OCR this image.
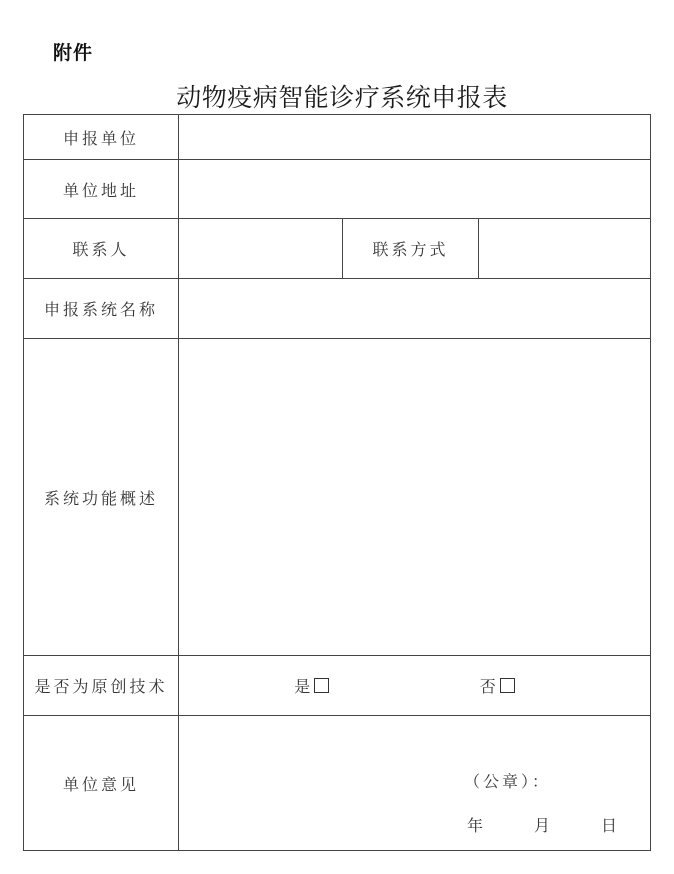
附件
动物疫病智能诊疗系统申报表
申报单位			
单位地址			
联系人		联系方式	
申报系统名称			
系统功能概述			
是否为原创技术	是 否		

单位意见	（公章）：
年 月 日		
